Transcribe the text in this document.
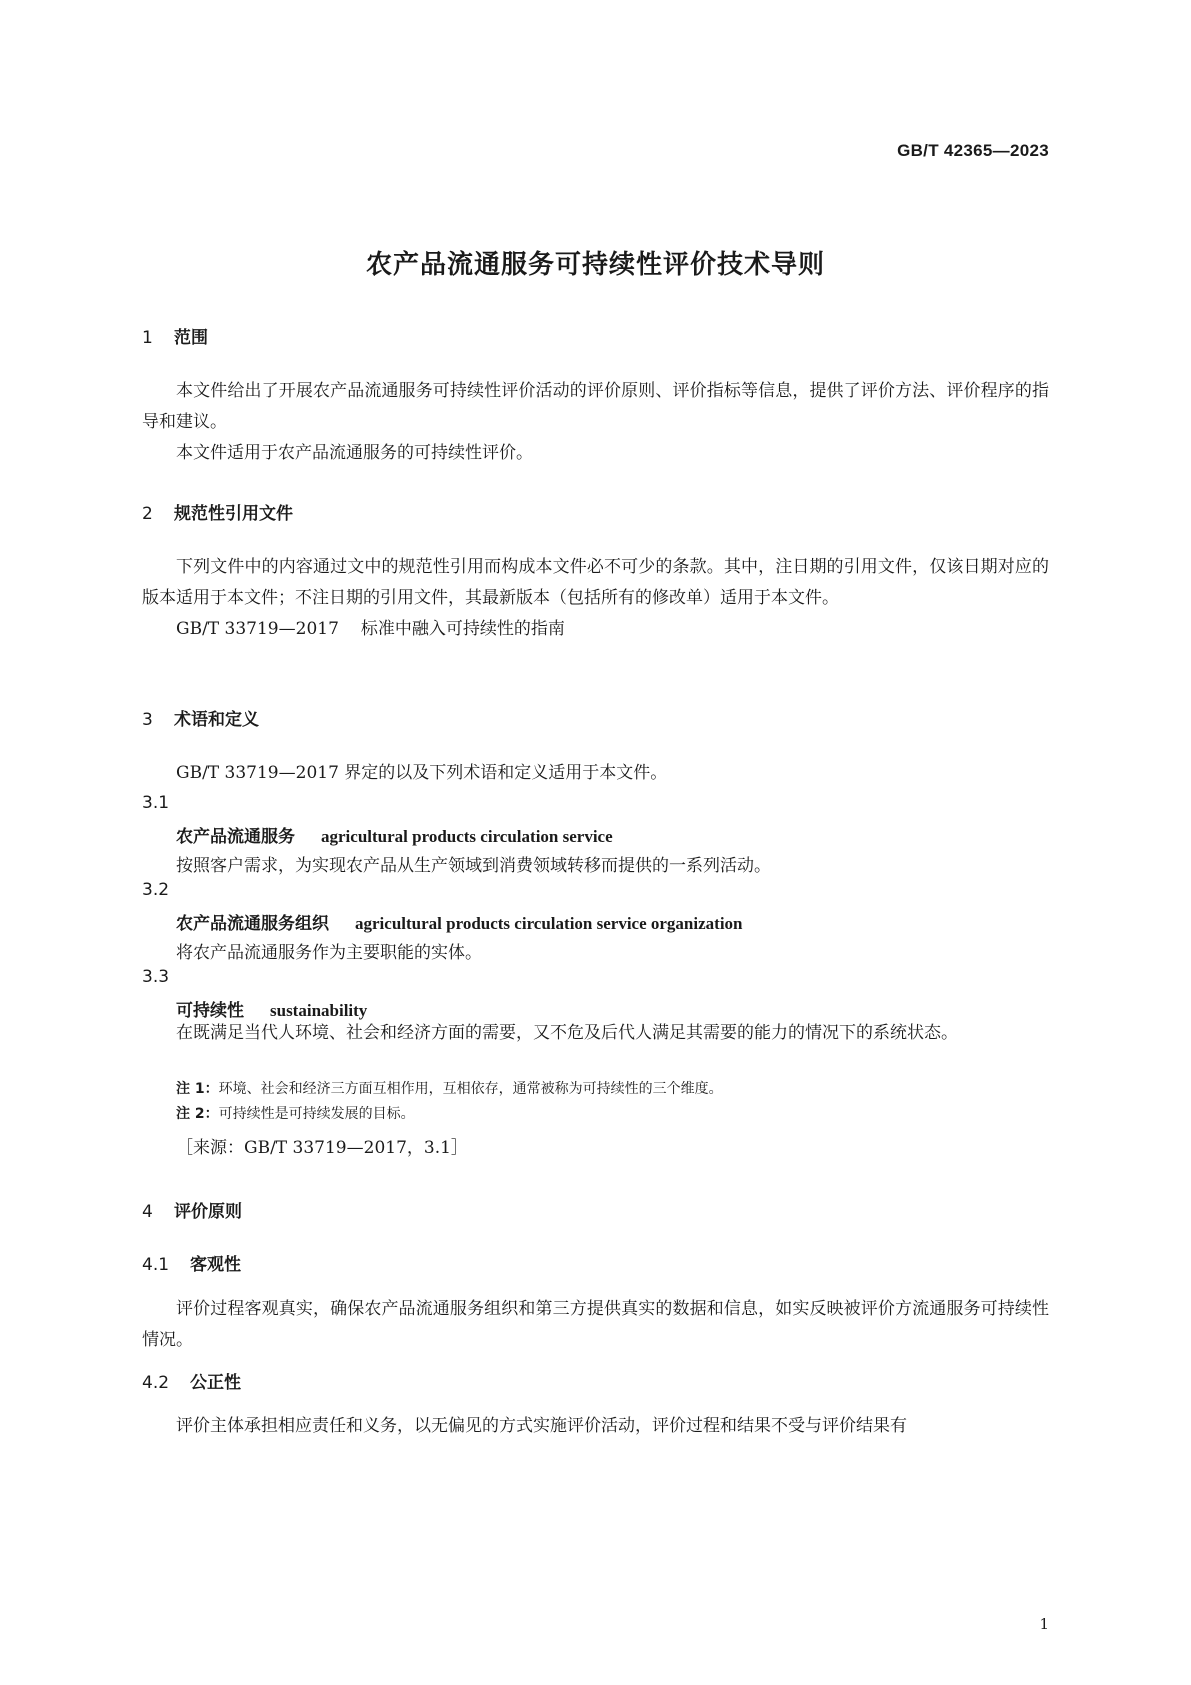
GB/T 42365—2023
农产品流通服务可持续性评价技术导则
1 范围

本文件给出了开展农产品流通服务可持续性评价活动的评价原则、评价指标等信息，提供了评价方法、评价程序的指导和建议。

本文件适用于农产品流通服务的可持续性评价。

2 规范性引用文件

下列文件中的内容通过文中的规范性引用而构成本文件必不可少的条款。其中，注日期的引用文件，仅该日期对应的版本适用于本文件；不注日期的引用文件，其最新版本（包括所有的修改单）适用于本文件。

GB/T 33719—2017 标准中融入可持续性的指南

3 术语和定义

GB/T 33719—2017 界定的以及下列术语和定义适用于本文件。

3.1
农产品流通服务 agricultural products circulation service
按照客户需求，为实现农产品从生产领域到消费领域转移而提供的一系列活动。
3.2
农产品流通服务组织 agricultural products circulation service organization
将农产品流通服务作为主要职能的实体。
3.3
可持续性 sustainability

在既满足当代人环境、社会和经济方面的需要，又不危及后代人满足其需要的能力的情况下的系统状态。

注 1：环境、社会和经济三方面互相作用，互相依存，通常被称为可持续性的三个维度。
注 2：可持续性是可持续发展的目标。
［来源：GB/T 33719—2017，3.1］
4 评价原则
4.1 客观性

评价过程客观真实，确保农产品流通服务组织和第三方提供真实的数据和信息，如实反映被评价方流通服务可持续性情况。

4.2 公正性

评价主体承担相应责任和义务，以无偏见的方式实施评价活动，评价过程和结果不受与评价结果有

1
